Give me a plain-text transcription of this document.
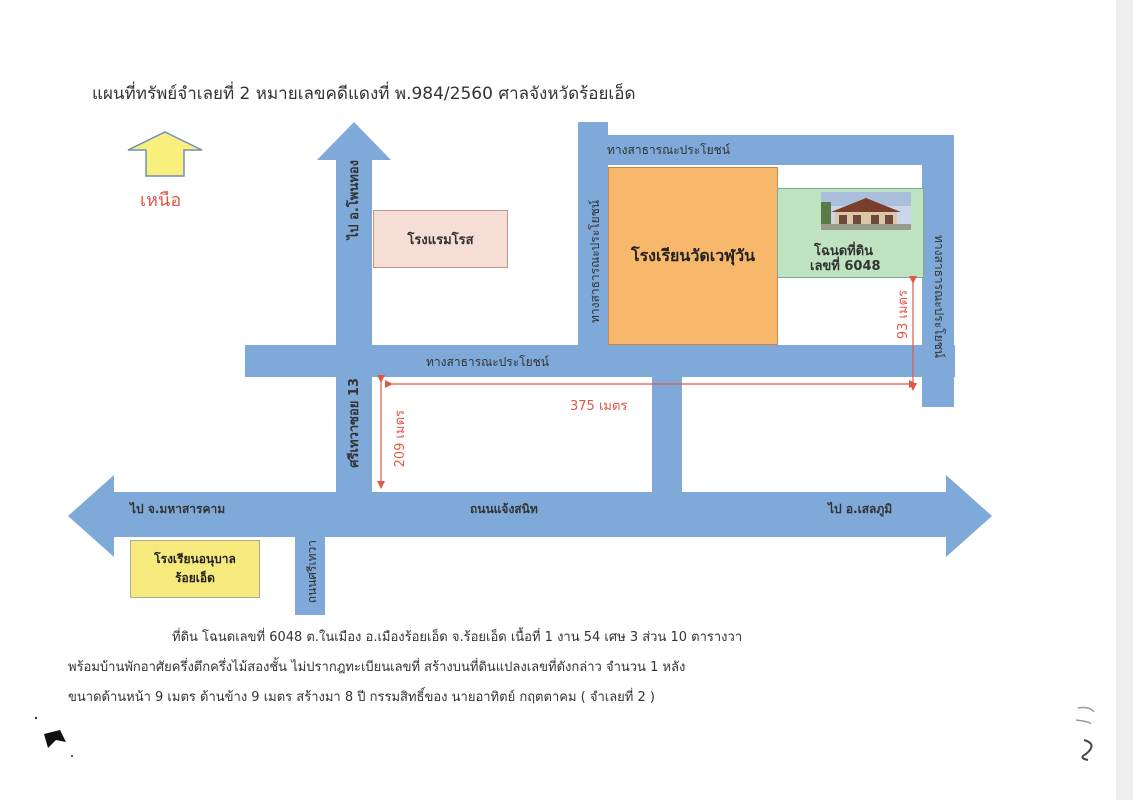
แผนที่ทรัพย์จำเลยที่ 2 หมายเลขคดีแดงที่ พ.984/2560 ศาลจังหวัดร้อยเอ็ด
เหนือ
โรงแรมโรส
โรงเรียนวัดเวฬุวัน	โฉนดที่ดิน
เลขที่ 6048
โรงเรียนอนุบาล
ร้อยเอ็ด
ไป อ.โพนทอง
ทางสาธารณะประโยชน์
ทางสาธารณะประโยชน์
ทางสาธารณะประโยชน์	ทางสาธารณะประโยชน์
ศรีเทวาซอย 13
ถนนแจ้งสนิท
ไป จ.มหาสารคาม	ไป อ.เสลภูมิ
ถนนศรีเทวา
375 เมตร
209 เมตร
93 เมตร
ที่ดิน โฉนดเลขที่ 6048 ต.ในเมือง อ.เมืองร้อยเอ็ด จ.ร้อยเอ็ด เนื้อที่ 1 งาน 54 เศษ 3 ส่วน 10 ตารางวา
พร้อมบ้านพักอาศัยครึ่งตึกครึ่งไม้สองชั้น ไม่ปรากฎทะเบียนเลขที่ สร้างบนที่ดินแปลงเลขที่ดังกล่าว จำนวน 1 หลัง
ขนาดด้านหน้า 9 เมตร ด้านข้าง 9 เมตร สร้างมา 8 ปี กรรมสิทธิ์ของ นายอาทิตย์ กฤตตาคม ( จำเลยที่ 2 )
